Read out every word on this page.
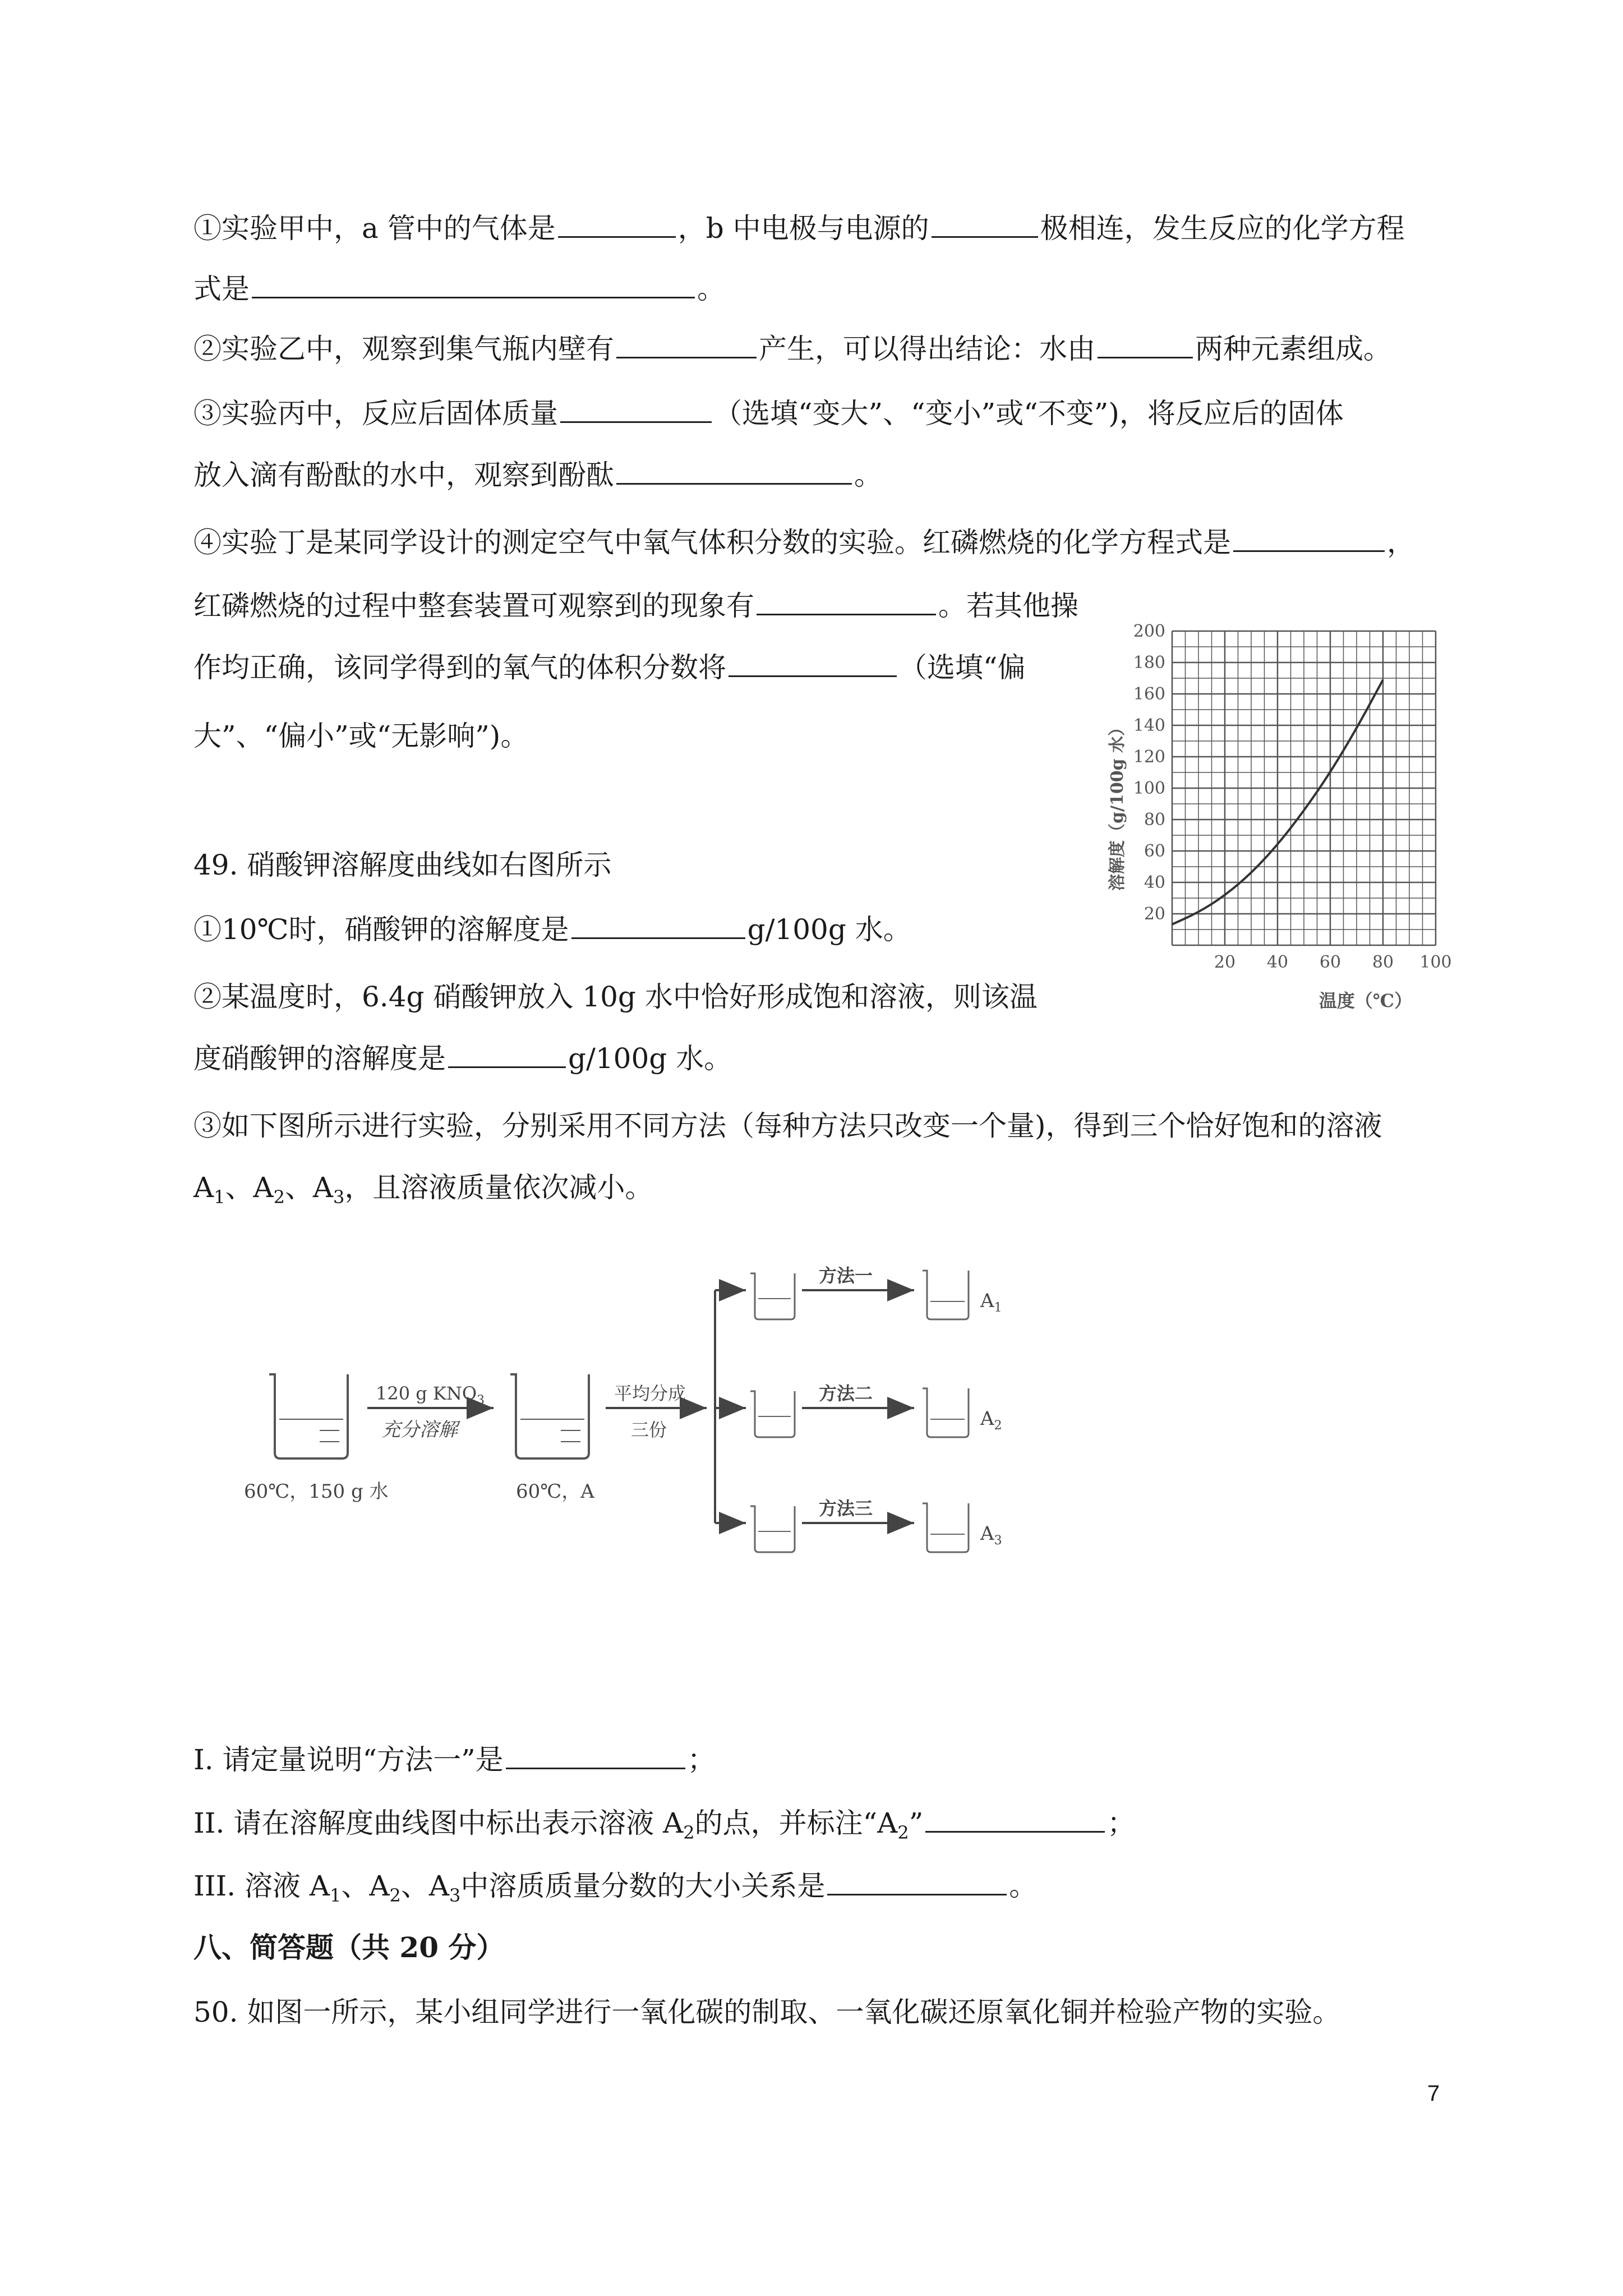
①实验甲中，a 管中的气体是	，b 中电极与电源的	极相连，发生反应的化学方程
式是	。
②实验乙中，观察到集气瓶内壁有	产生，可以得出结论：水由	两种元素组成。
③实验丙中，反应后固体质量	（选填“变大”、“变小”或“不变”)，将反应后的固体
放入滴有酚酞的水中，观察到酚酞	。
④实验丁是某同学设计的测定空气中氧气体积分数的实验。红磷燃烧的化学方程式是	，
红磷燃烧的过程中整套装置可观察到的现象有	。若其他操
作均正确，该同学得到的氧气的体积分数将	（选填“偏
大”、“偏小”或“无影响”)。
49. 硝酸钾溶解度曲线如右图所示
①10℃时，硝酸钾的溶解度是	g/100g 水。
②某温度时，6.4g 硝酸钾放入 10g 水中恰好形成饱和溶液，则该温
度硝酸钾的溶解度是	g/100g 水。
③如下图所示进行实验，分别采用不同方法（每种方法只改变一个量)，得到三个恰好饱和的溶液
$A_1$、$A_2$、$A_3$，且溶液质量依次减小。
20
40
60
80
100
120
140
160
180
200
20 40 60 80 100
溶解度（g/100g 水）
温度（℃）
60℃，150 g 水
120 g $KNO_3$
充分溶解
60℃，A
平均分成
三份
方法一
$A_1$
方法二
$A_2$
方法三
$A_3$
I. 请定量说明“方法一”是	；
II. 请在溶解度曲线图中标出表示溶液 $A_2$的点，并标注“$A_2$”	；
III. 溶液 $A_1$、$A_2$、$A_3$中溶质质量分数的大小关系是	。
八、简答题（共 20 分）
50. 如图一所示，某小组同学进行一氧化碳的制取、一氧化碳还原氧化铜并检验产物的实验。
7
